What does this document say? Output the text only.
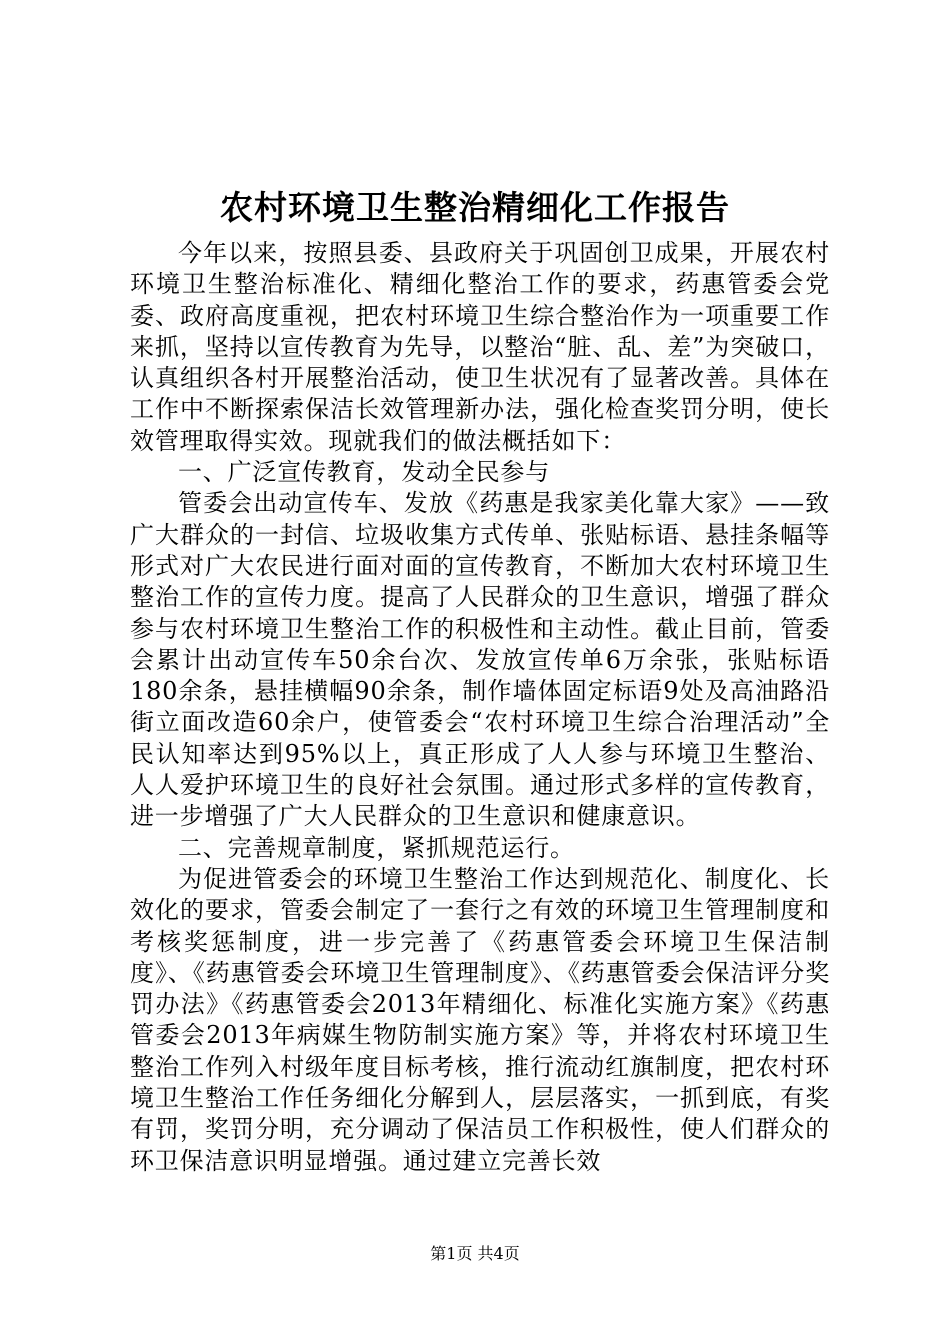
农村环境卫生整治精细化工作报告

今年以来，按照县委、县政府关于巩固创卫成果，开展农村环境卫生整治标准化、精细化整治工作的要求，药惠管委会党委、政府高度重视，把农村环境卫生综合整治作为一项重要工作来抓，坚持以宣传教育为先导，以整治“脏、乱、差”为突破口，认真组织各村开展整治活动，使卫生状况有了显著改善。具体在工作中不断探索保洁长效管理新办法，强化检查奖罚分明，使长效管理取得实效。现就我们的做法概括如下：

一、广泛宣传教育，发动全民参与

管委会出动宣传车、发放《药惠是我家美化靠大家》——致广大群众的一封信、垃圾收集方式传单、张贴标语、悬挂条幅等形式对广大农民进行面对面的宣传教育，不断加大农村环境卫生整治工作的宣传力度。提高了人民群众的卫生意识，增强了群众参与农村环境卫生整治工作的积极性和主动性。截止目前，管委会累计出动宣传车50余台次、发放宣传单6万余张，张贴标语180余条，悬挂横幅90余条，制作墙体固定标语9处及高油路沿街立面改造60余户，使管委会“农村环境卫生综合治理活动”全民认知率达到95%以上，真正形成了人人参与环境卫生整治、人人爱护环境卫生的良好社会氛围。通过形式多样的宣传教育，进一步增强了广大人民群众的卫生意识和健康意识。

二、完善规章制度，紧抓规范运行。

为促进管委会的环境卫生整治工作达到规范化、制度化、长效化的要求，管委会制定了一套行之有效的环境卫生管理制度和考核奖惩制度，进一步完善了《药惠管委会环境卫生保洁制度》、《药惠管委会环境卫生管理制度》、《药惠管委会保洁评分奖罚办法》《药惠管委会2013年精细化、标准化实施方案》《药惠管委会2013年病媒生物防制实施方案》等，并将农村环境卫生整治工作列入村级年度目标考核，推行流动红旗制度，把农村环境卫生整治工作任务细化分解到人，层层落实，一抓到底，有奖有罚，奖罚分明，充分调动了保洁员工作积极性，使人们群众的环卫保洁意识明显增强。通过建立完善长效

第1页 共4页
